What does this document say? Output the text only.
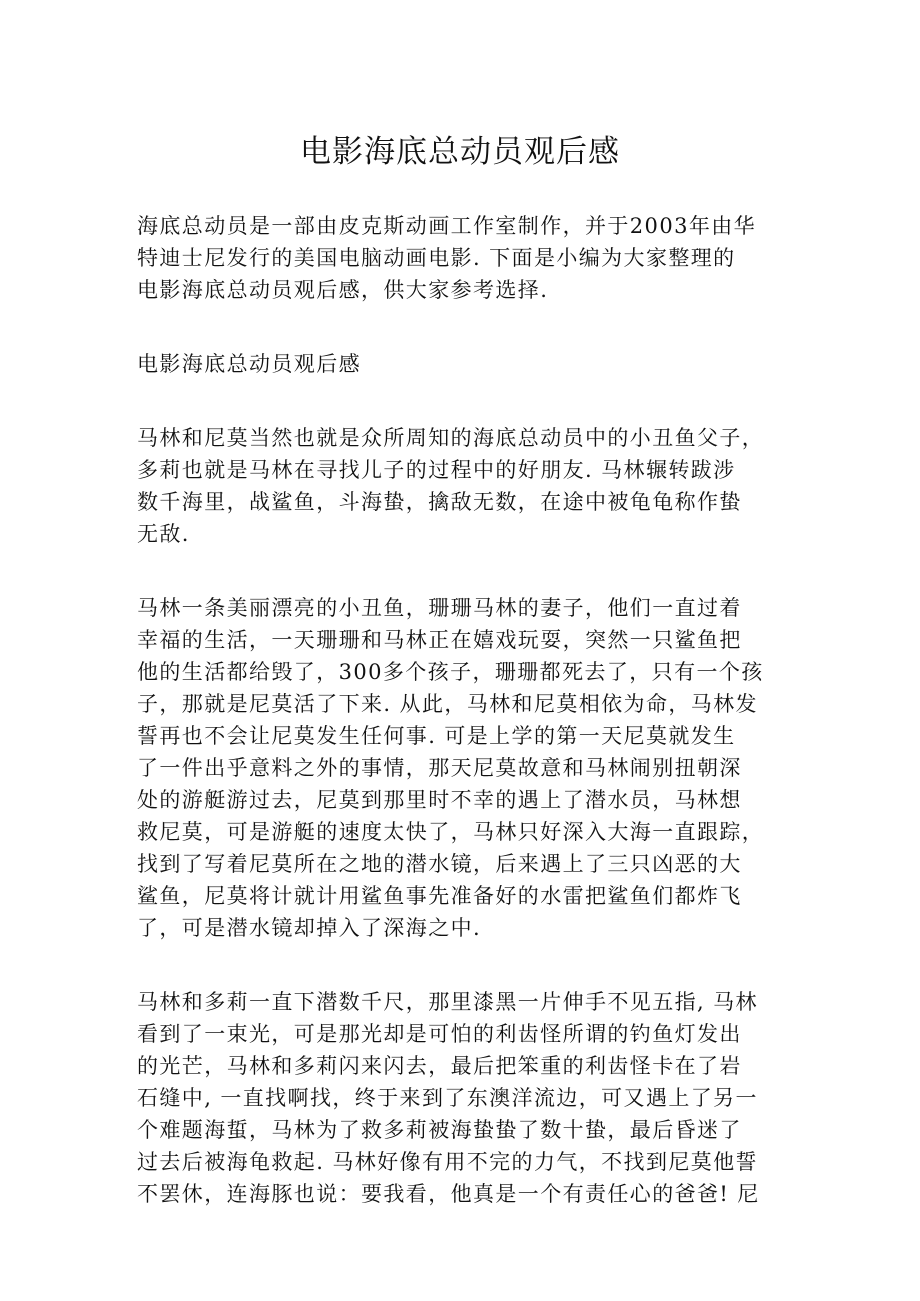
电影海底总动员观后感
海底总动员是一部由皮克斯动画工作室制作，并于2003年由华
特迪士尼发行的美国电脑动画电影. 下面是小编为大家整理的
电影海底总动员观后感，供大家参考选择.
电影海底总动员观后感
马林和尼莫当然也就是众所周知的海底总动员中的小丑鱼父子，
多莉也就是马林在寻找儿子的过程中的好朋友. 马林辗转跋涉
数千海里，战鲨鱼，斗海蛰，擒敌无数，在途中被龟龟称作蛰
无敌.
马林一条美丽漂亮的小丑鱼，珊珊马林的妻子，他们一直过着
幸福的生活，一天珊珊和马林正在嬉戏玩耍，突然一只鲨鱼把
他的生活都给毁了，300多个孩子，珊珊都死去了，只有一个孩
子，那就是尼莫活了下来. 从此，马林和尼莫相依为命，马林发
誓再也不会让尼莫发生任何事. 可是上学的第一天尼莫就发生
了一件出乎意料之外的事情，那天尼莫故意和马林闹别扭朝深
处的游艇游过去，尼莫到那里时不幸的遇上了潜水员，马林想
救尼莫，可是游艇的速度太快了，马林只好深入大海一直跟踪，
找到了写着尼莫所在之地的潜水镜，后来遇上了三只凶恶的大
鲨鱼，尼莫将计就计用鲨鱼事先准备好的水雷把鲨鱼们都炸飞
了，可是潜水镜却掉入了深海之中.
马林和多莉一直下潜数千尺，那里漆黑一片伸手不见五指, 马林
看到了一束光，可是那光却是可怕的利齿怪所谓的钓鱼灯发出
的光芒，马林和多莉闪来闪去，最后把笨重的利齿怪卡在了岩
石缝中, 一直找啊找，终于来到了东澳洋流边，可又遇上了另一
个难题海蜇，马林为了救多莉被海蛰蛰了数十蛰，最后昏迷了
过去后被海龟救起. 马林好像有用不完的力气，不找到尼莫他誓
不罢休，连海豚也说：要我看，他真是一个有责任心的爸爸! 尼
